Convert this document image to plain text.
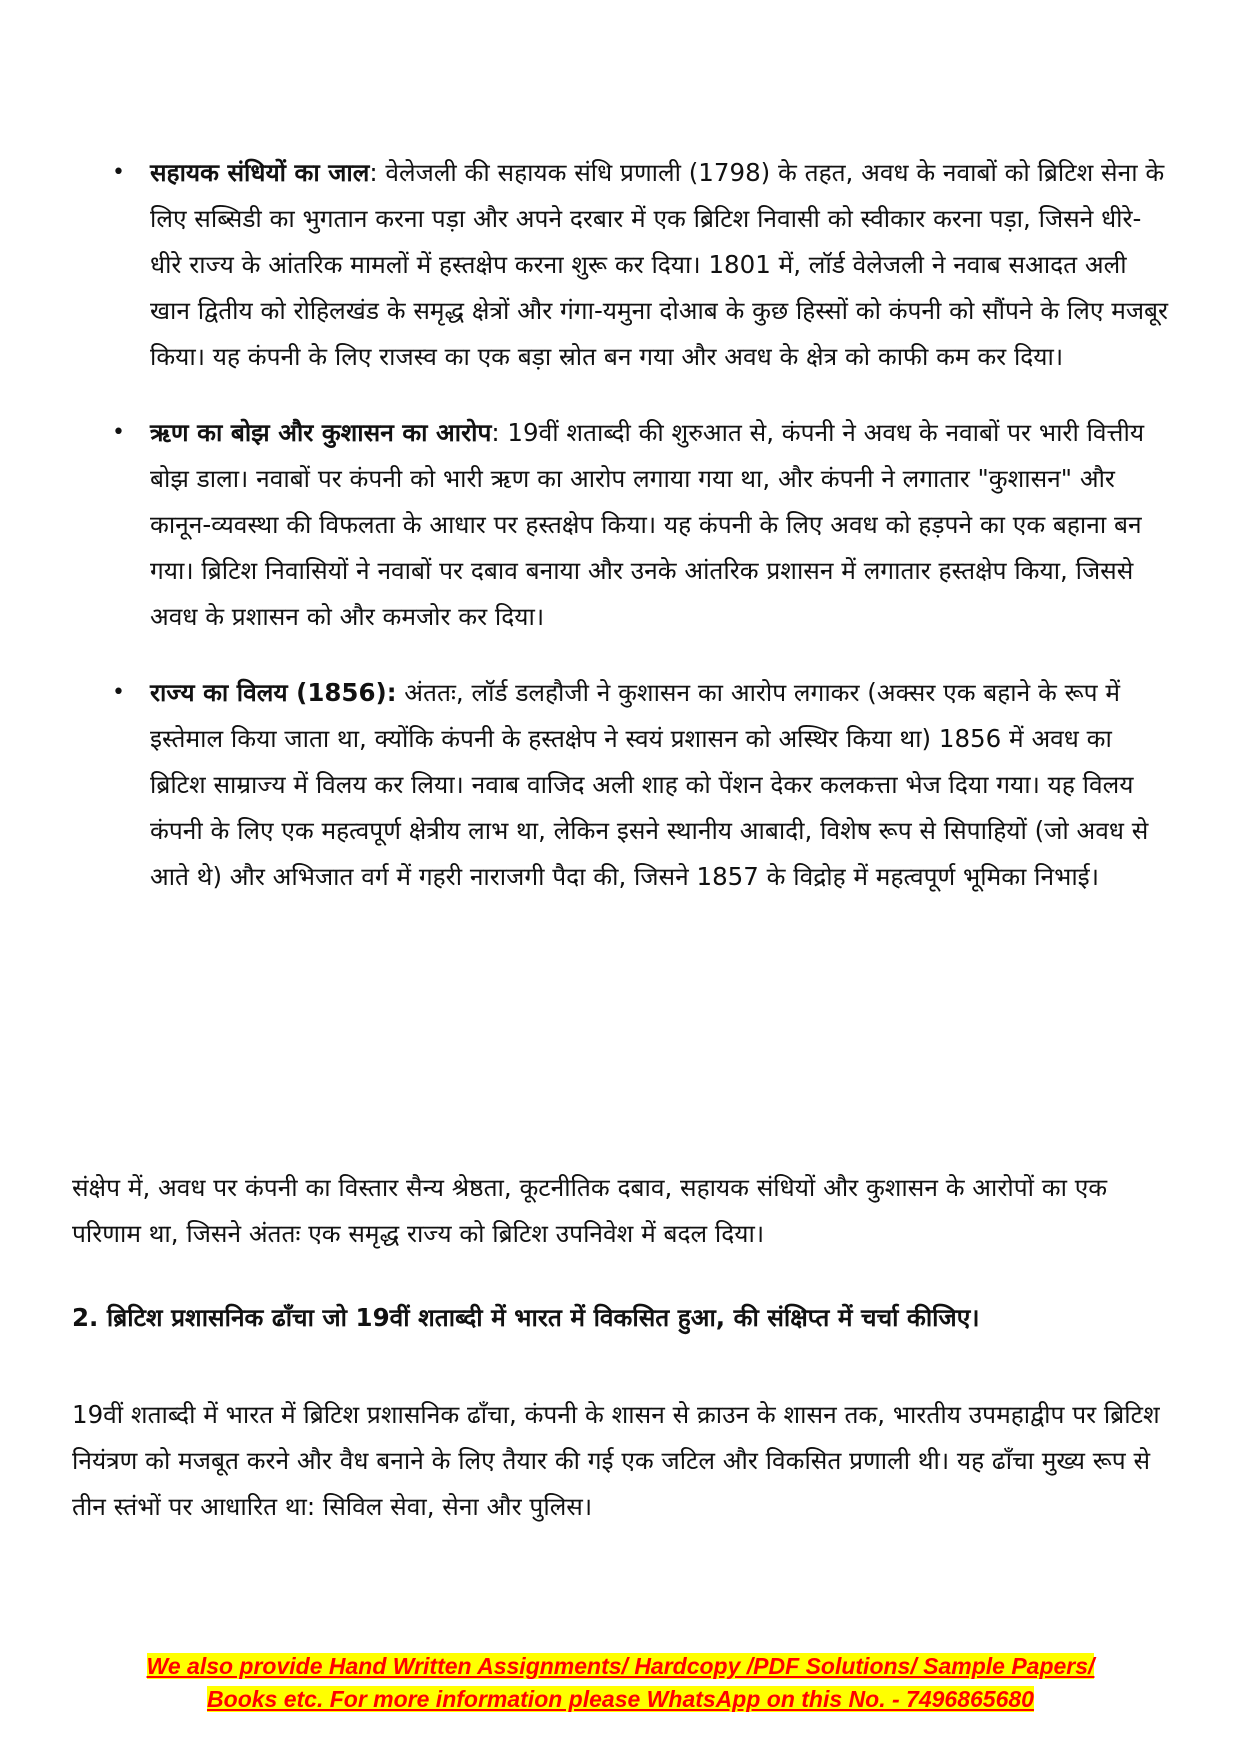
• सहायक संधियों का जाल: वेलेजली की सहायक संधि प्रणाली (1798) के तहत, अवध के नवाबों को ब्रिटिश सेना के लिए सब्सिडी का भुगतान करना पड़ा और अपने दरबार में एक ब्रिटिश निवासी को स्वीकार करना पड़ा, जिसने धीरे-धीरे राज्य के आंतरिक मामलों में हस्तक्षेप करना शुरू कर दिया। 1801 में, लॉर्ड वेलेजली ने नवाब सआदत अली खान द्वितीय को रोहिलखंड के समृद्ध क्षेत्रों और गंगा-यमुना दोआब के कुछ हिस्सों को कंपनी को सौंपने के लिए मजबूर किया। यह कंपनी के लिए राजस्व का एक बड़ा स्रोत बन गया और अवध के क्षेत्र को काफी कम कर दिया।
• ऋण का बोझ और कुशासन का आरोप: 19वीं शताब्दी की शुरुआत से, कंपनी ने अवध के नवाबों पर भारी वित्तीय बोझ डाला। नवाबों पर कंपनी को भारी ऋण का आरोप लगाया गया था, और कंपनी ने लगातार "कुशासन" और कानून-व्यवस्था की विफलता के आधार पर हस्तक्षेप किया। यह कंपनी के लिए अवध को हड़पने का एक बहाना बन गया। ब्रिटिश निवासियों ने नवाबों पर दबाव बनाया और उनके आंतरिक प्रशासन में लगातार हस्तक्षेप किया, जिससे अवध के प्रशासन को और कमजोर कर दिया।
• राज्य का विलय (1856): अंततः, लॉर्ड डलहौजी ने कुशासन का आरोप लगाकर (अक्सर एक बहाने के रूप में इस्तेमाल किया जाता था, क्योंकि कंपनी के हस्तक्षेप ने स्वयं प्रशासन को अस्थिर किया था) 1856 में अवध का ब्रिटिश साम्राज्य में विलय कर लिया। नवाब वाजिद अली शाह को पेंशन देकर कलकत्ता भेज दिया गया। यह विलय कंपनी के लिए एक महत्वपूर्ण क्षेत्रीय लाभ था, लेकिन इसने स्थानीय आबादी, विशेष रूप से सिपाहियों (जो अवध से आते थे) और अभिजात वर्ग में गहरी नाराजगी पैदा की, जिसने 1857 के विद्रोह में महत्वपूर्ण भूमिका निभाई।

संक्षेप में, अवध पर कंपनी का विस्तार सैन्य श्रेष्ठता, कूटनीतिक दबाव, सहायक संधियों और कुशासन के आरोपों का एक परिणाम था, जिसने अंततः एक समृद्ध राज्य को ब्रिटिश उपनिवेश में बदल दिया।

2. ब्रिटिश प्रशासनिक ढाँचा जो 19वीं शताब्दी में भारत में विकसित हुआ, की संक्षिप्त में चर्चा कीजिए।

19वीं शताब्दी में भारत में ब्रिटिश प्रशासनिक ढाँचा, कंपनी के शासन से क्राउन के शासन तक, भारतीय उपमहाद्वीप पर ब्रिटिश नियंत्रण को मजबूत करने और वैध बनाने के लिए तैयार की गई एक जटिल और विकसित प्रणाली थी। यह ढाँचा मुख्य रूप से तीन स्तंभों पर आधारित था: सिविल सेवा, सेना और पुलिस।

We also provide Hand Written Assignments/ Hardcopy /PDF Solutions/ Sample Papers/
Books etc. For more information please WhatsApp on this No. - 7496865680
